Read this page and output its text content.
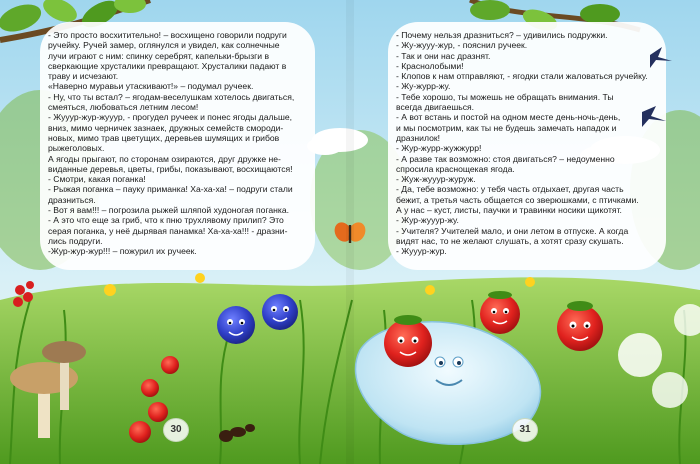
- Это просто восхитительно! – восхищено говорили подруги

ручейку. Ручей замер, оглянулся и увидел, как солнечные

лучи играют с ним: спинку серебрят, капельки-брызги в

сверкающие хрусталики превращают. Хрусталики падают в

траву и исчезают.

«Наверно муравьи утаскивают!» – подумал ручеек.

- Ну, что ты встал? – ягодам-веселушкам хотелось двигаться,

смеяться, любоваться летним лесом!

- Жууур-жур-жууур, - прогудел ручеек и понес ягоды дальше,

вниз, мимо черничек зазнаек, дружных семейств смороди-

новых, мимо трав цветущих, деревьев шумящих и грибов

рыжеголовых.

А ягоды прыгают, по сторонам озираются, друг дружке не-

виданные деревья, цветы, грибы, показывают, восхищаются!

- Смотри, какая поганка!

- Рыжая поганка – пауку приманка! Ха-ха-ха! – подруги стали

дразниться.

- Вот я вам!!! – погрозила рыжей шляпой худоногая поганка.

- А это что еще за гриб, что к пню трухлявому прилип? Это

серая поганка, у неё дырявая панамка! Ха-ха-ха!!! - дразни-

лись подруги.

-Жур-жур-жур!!! – пожурил их ручеек.

- Почему нельзя дразниться? – удивились подружки.

- Жу-жууу-жур, - пояснил ручеек.

- Так и они нас дразнят.

- Краснолобыми!

- Клопов к нам отправляют, - ягодки стали жаловаться ручейку.

- Жу-журр-жу.

- Тебе хорошо, ты можешь не обращать внимания. Ты

всегда двигаешься.

- А вот встань и постой на одном месте день-ночь-день,

и мы посмотрим, как ты не будешь замечать нападок и

дразнилок!

- Жур-журр-жужжурр!

- А разве так возможно: стоя двигаться? – недоуменно

спросила краснощекая ягода.

- Жуж-жууур-журуж.

- Да, тебе возможно: у тебя часть отдыхает, другая часть

бежит, а третья часть общается со зверюшками, с птичками.

А у нас – куст, листы, паучки и травинки носики щикотят.

- Жур-жууур-жу.

- Учителя? Учителей мало, и они летом в отпуске. А когда

видят нас, то не желают слушать, а хотят сразу скушать.

- Жууур-жур.

30	31
